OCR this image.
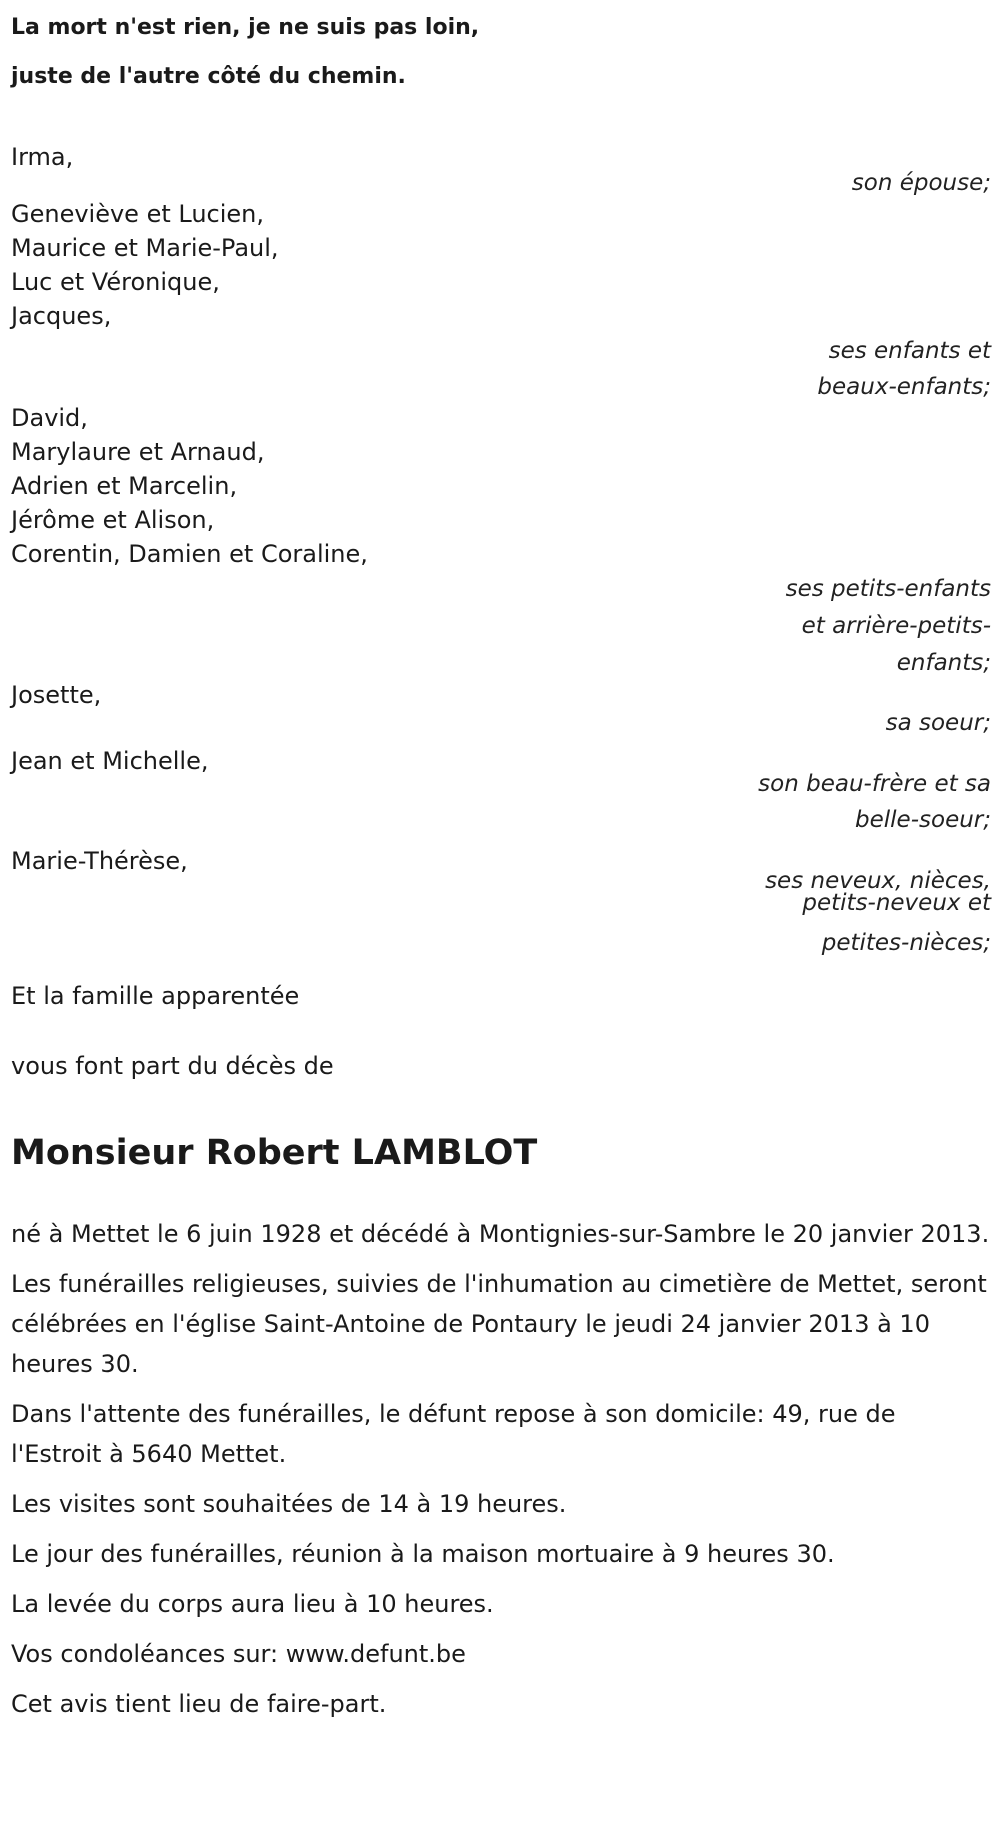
La mort n'est rien, je ne suis pas loin,
juste de l'autre côté du chemin.
Irma,
son épouse;
Geneviève et Lucien,
Maurice et Marie-Paul,
Luc et Véronique,
Jacques,
ses enfants et
beaux-enfants;
David,
Marylaure et Arnaud,
Adrien et Marcelin,
Jérôme et Alison,
Corentin, Damien et Coraline,
ses petits-enfants
et arrière-petits-
enfants;
Josette,
sa soeur;
Jean et Michelle,
son beau-frère et sa
belle-soeur;
Marie-Thérèse,
ses neveux, nièces,
petits-neveux et
petites-nièces;
Et la famille apparentée
vous font part du décès de
Monsieur Robert LAMBLOT

né à Mettet le 6 juin 1928 et décédé à Montignies-sur-Sambre le 20 janvier 2013.

Les funérailles religieuses, suivies de l'inhumation au cimetière de Mettet, seront célébrées en l'église Saint-Antoine de Pontaury le jeudi 24 janvier 2013 à 10 heures 30.

Dans l'attente des funérailles, le défunt repose à son domicile: 49, rue de l'Estroit à 5640 Mettet.

Les visites sont souhaitées de 14 à 19 heures.

Le jour des funérailles, réunion à la maison mortuaire à 9 heures 30.

La levée du corps aura lieu à 10 heures.

Vos condoléances sur: www.defunt.be

Cet avis tient lieu de faire-part.
